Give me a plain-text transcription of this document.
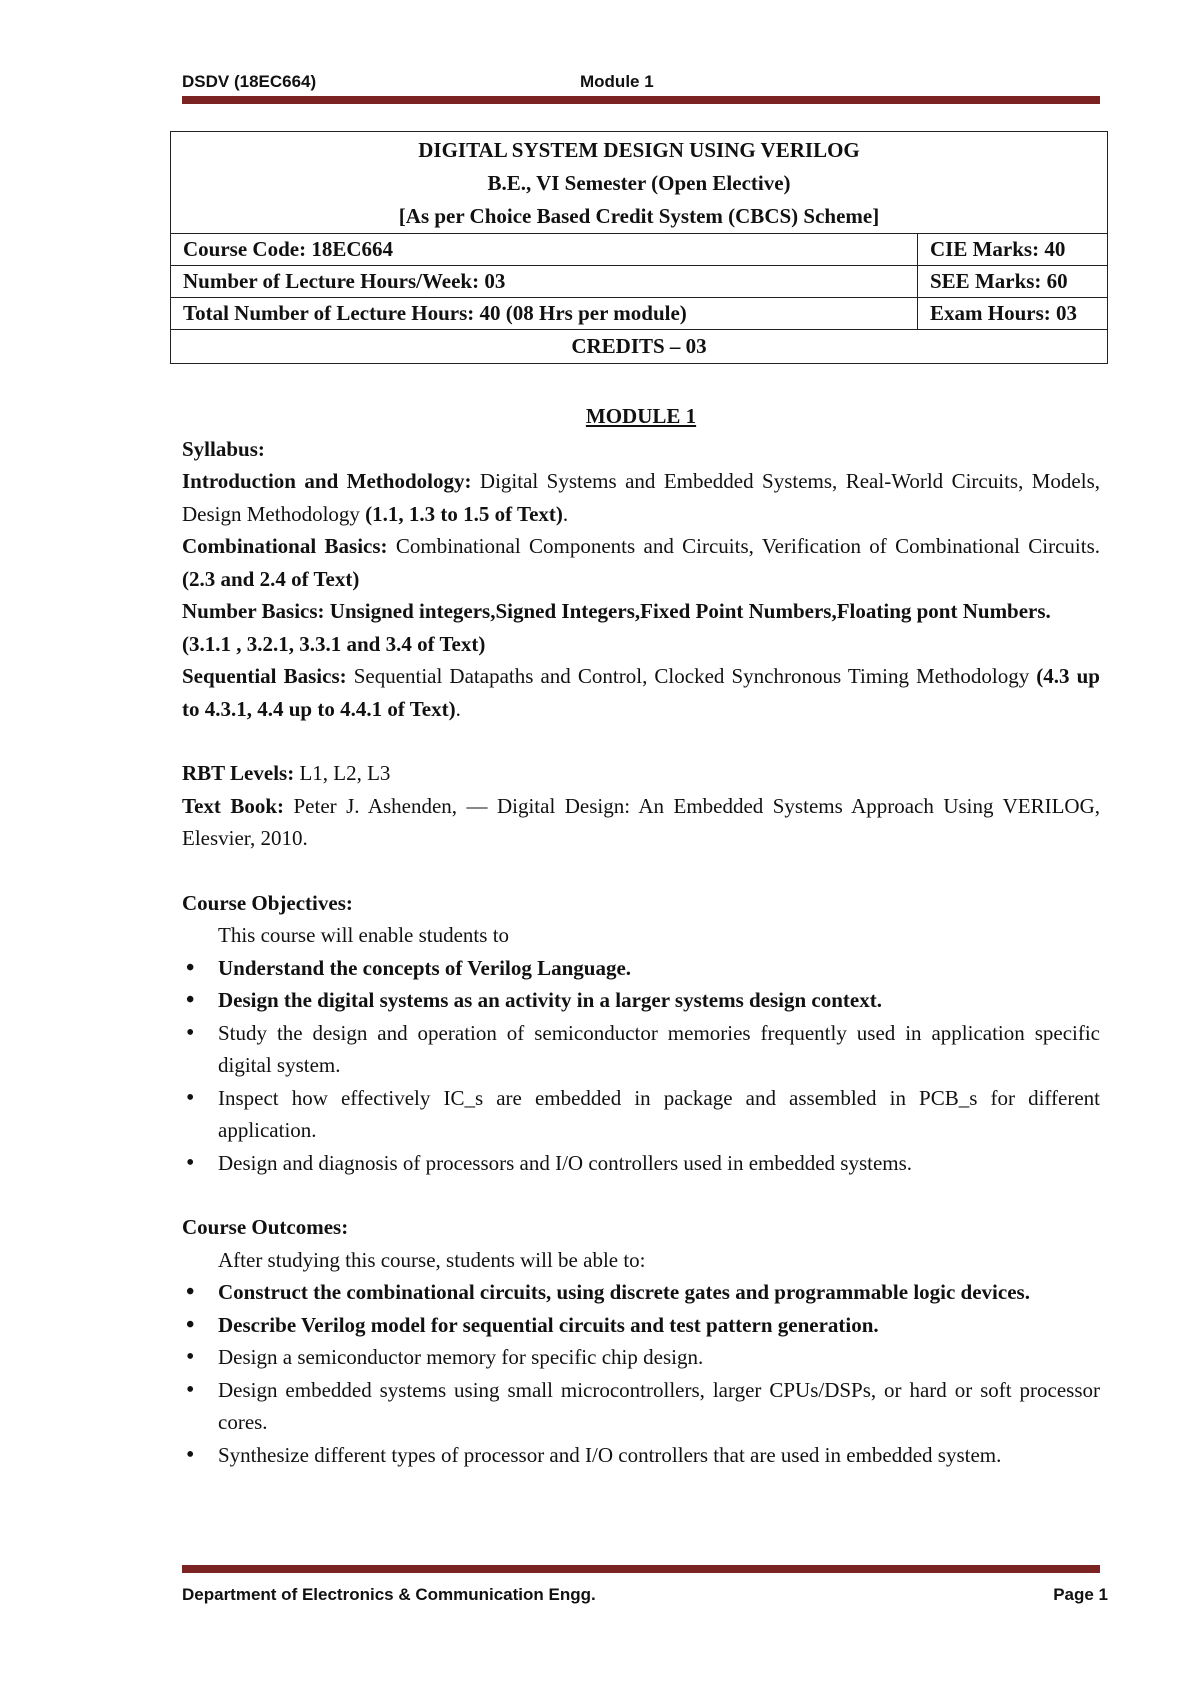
DSDV (18EC664)	Module 1
DIGITAL SYSTEM DESIGN USING VERILOG
B.E., VI Semester (Open Elective)
[As per Choice Based Credit System (CBCS) Scheme]	

Course Code: 18EC664	CIE Marks: 40
Number of Lecture Hours/Week: 03	SEE Marks: 60
Total Number of Lecture Hours: 40 (08 Hrs per module)	Exam Hours: 03
CREDITS – 03	

MODULE 1

Syllabus:

Introduction and Methodology: Digital Systems and Embedded Systems, Real-World Circuits, Models, Design Methodology (1.1, 1.3 to 1.5 of Text).

Combinational Basics: Combinational Components and Circuits, Verification of Combinational Circuits. (2.3 and 2.4 of Text)

Number Basics: Unsigned integers,Signed Integers,Fixed Point Numbers,Floating pont Numbers. (3.1.1 , 3.2.1, 3.3.1 and 3.4 of Text)

Sequential Basics: Sequential Datapaths and Control, Clocked Synchronous Timing Methodology (4.3 up to 4.3.1, 4.4 up to 4.4.1 of Text).

RBT Levels: L1, L2, L3

Text Book: Peter J. Ashenden, — Digital Design: An Embedded Systems Approach Using VERILOG, Elesvier, 2010.

Course Objectives:

This course will enable students to

• Understand the concepts of Verilog Language.
• Design the digital systems as an activity in a larger systems design context.
• Study the design and operation of semiconductor memories frequently used in application specific digital system.
• Inspect how effectively IC_s are embedded in package and assembled in PCB_s for different application.
• Design and diagnosis of processors and I/O controllers used in embedded systems.

Course Outcomes:

After studying this course, students will be able to:

• Construct the combinational circuits, using discrete gates and programmable logic devices.
• Describe Verilog model for sequential circuits and test pattern generation.
• Design a semiconductor memory for specific chip design.
• Design embedded systems using small microcontrollers, larger CPUs/DSPs, or hard or soft processor cores.
• Synthesize different types of processor and I/O controllers that are used in embedded system.
Department of Electronics & Communication Engg.	Page 1
